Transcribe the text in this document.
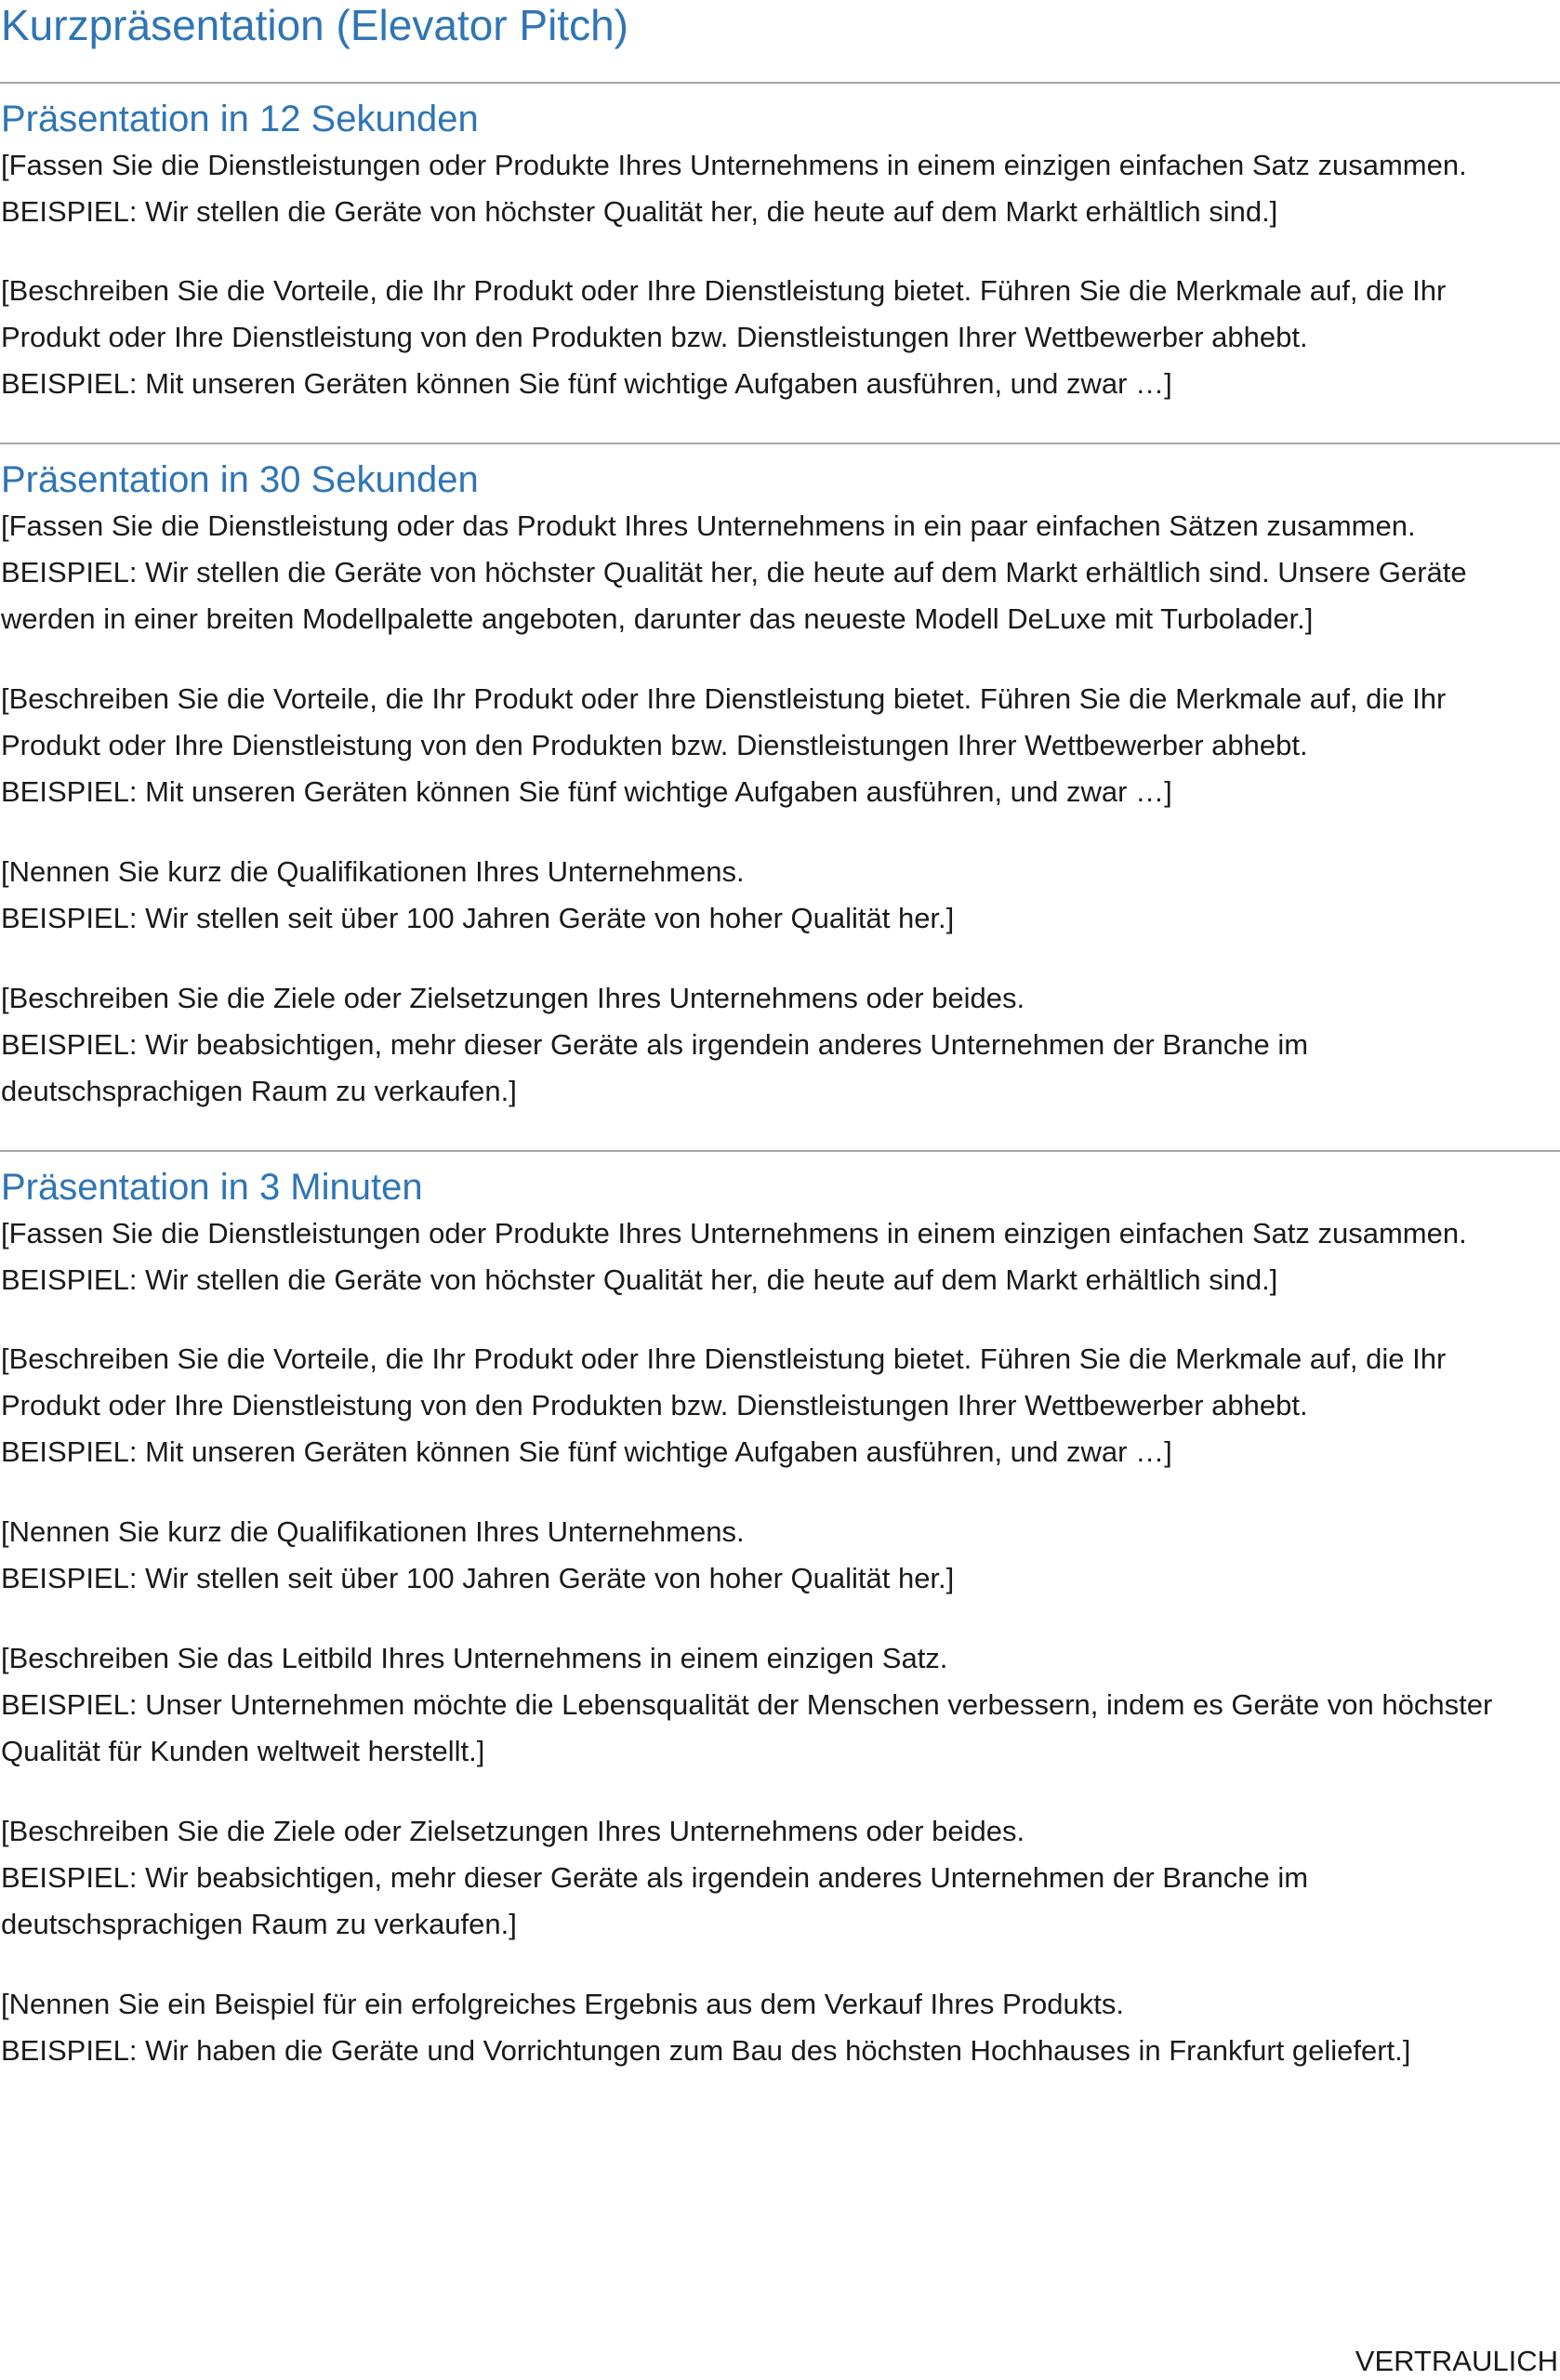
Kurzpräsentation (Elevator Pitch)
Präsentation in 12 Sekunden

[Fassen Sie die Dienstleistungen oder Produkte Ihres Unternehmens in einem einzigen einfachen Satz zusammen.
BEISPIEL: Wir stellen die Geräte von höchster Qualität her, die heute auf dem Markt erhältlich sind.]

[Beschreiben Sie die Vorteile, die Ihr Produkt oder Ihre Dienstleistung bietet. Führen Sie die Merkmale auf, die Ihr
Produkt oder Ihre Dienstleistung von den Produkten bzw. Dienstleistungen Ihrer Wettbewerber abhebt.
BEISPIEL: Mit unseren Geräten können Sie fünf wichtige Aufgaben ausführen, und zwar …]

Präsentation in 30 Sekunden

[Fassen Sie die Dienstleistung oder das Produkt Ihres Unternehmens in ein paar einfachen Sätzen zusammen.
BEISPIEL: Wir stellen die Geräte von höchster Qualität her, die heute auf dem Markt erhältlich sind. Unsere Geräte
werden in einer breiten Modellpalette angeboten, darunter das neueste Modell DeLuxe mit Turbolader.]

[Beschreiben Sie die Vorteile, die Ihr Produkt oder Ihre Dienstleistung bietet. Führen Sie die Merkmale auf, die Ihr
Produkt oder Ihre Dienstleistung von den Produkten bzw. Dienstleistungen Ihrer Wettbewerber abhebt.
BEISPIEL: Mit unseren Geräten können Sie fünf wichtige Aufgaben ausführen, und zwar …]

[Nennen Sie kurz die Qualifikationen Ihres Unternehmens.
BEISPIEL: Wir stellen seit über 100 Jahren Geräte von hoher Qualität her.]

[Beschreiben Sie die Ziele oder Zielsetzungen Ihres Unternehmens oder beides.
BEISPIEL: Wir beabsichtigen, mehr dieser Geräte als irgendein anderes Unternehmen der Branche im
deutschsprachigen Raum zu verkaufen.]

Präsentation in 3 Minuten

[Fassen Sie die Dienstleistungen oder Produkte Ihres Unternehmens in einem einzigen einfachen Satz zusammen.
BEISPIEL: Wir stellen die Geräte von höchster Qualität her, die heute auf dem Markt erhältlich sind.]

[Beschreiben Sie die Vorteile, die Ihr Produkt oder Ihre Dienstleistung bietet. Führen Sie die Merkmale auf, die Ihr
Produkt oder Ihre Dienstleistung von den Produkten bzw. Dienstleistungen Ihrer Wettbewerber abhebt.
BEISPIEL: Mit unseren Geräten können Sie fünf wichtige Aufgaben ausführen, und zwar …]

[Nennen Sie kurz die Qualifikationen Ihres Unternehmens.
BEISPIEL: Wir stellen seit über 100 Jahren Geräte von hoher Qualität her.]

[Beschreiben Sie das Leitbild Ihres Unternehmens in einem einzigen Satz.
BEISPIEL: Unser Unternehmen möchte die Lebensqualität der Menschen verbessern, indem es Geräte von höchster
Qualität für Kunden weltweit herstellt.]

[Beschreiben Sie die Ziele oder Zielsetzungen Ihres Unternehmens oder beides.
BEISPIEL: Wir beabsichtigen, mehr dieser Geräte als irgendein anderes Unternehmen der Branche im
deutschsprachigen Raum zu verkaufen.]

[Nennen Sie ein Beispiel für ein erfolgreiches Ergebnis aus dem Verkauf Ihres Produkts.
BEISPIEL: Wir haben die Geräte und Vorrichtungen zum Bau des höchsten Hochhauses in Frankfurt geliefert.]

VERTRAULICH
